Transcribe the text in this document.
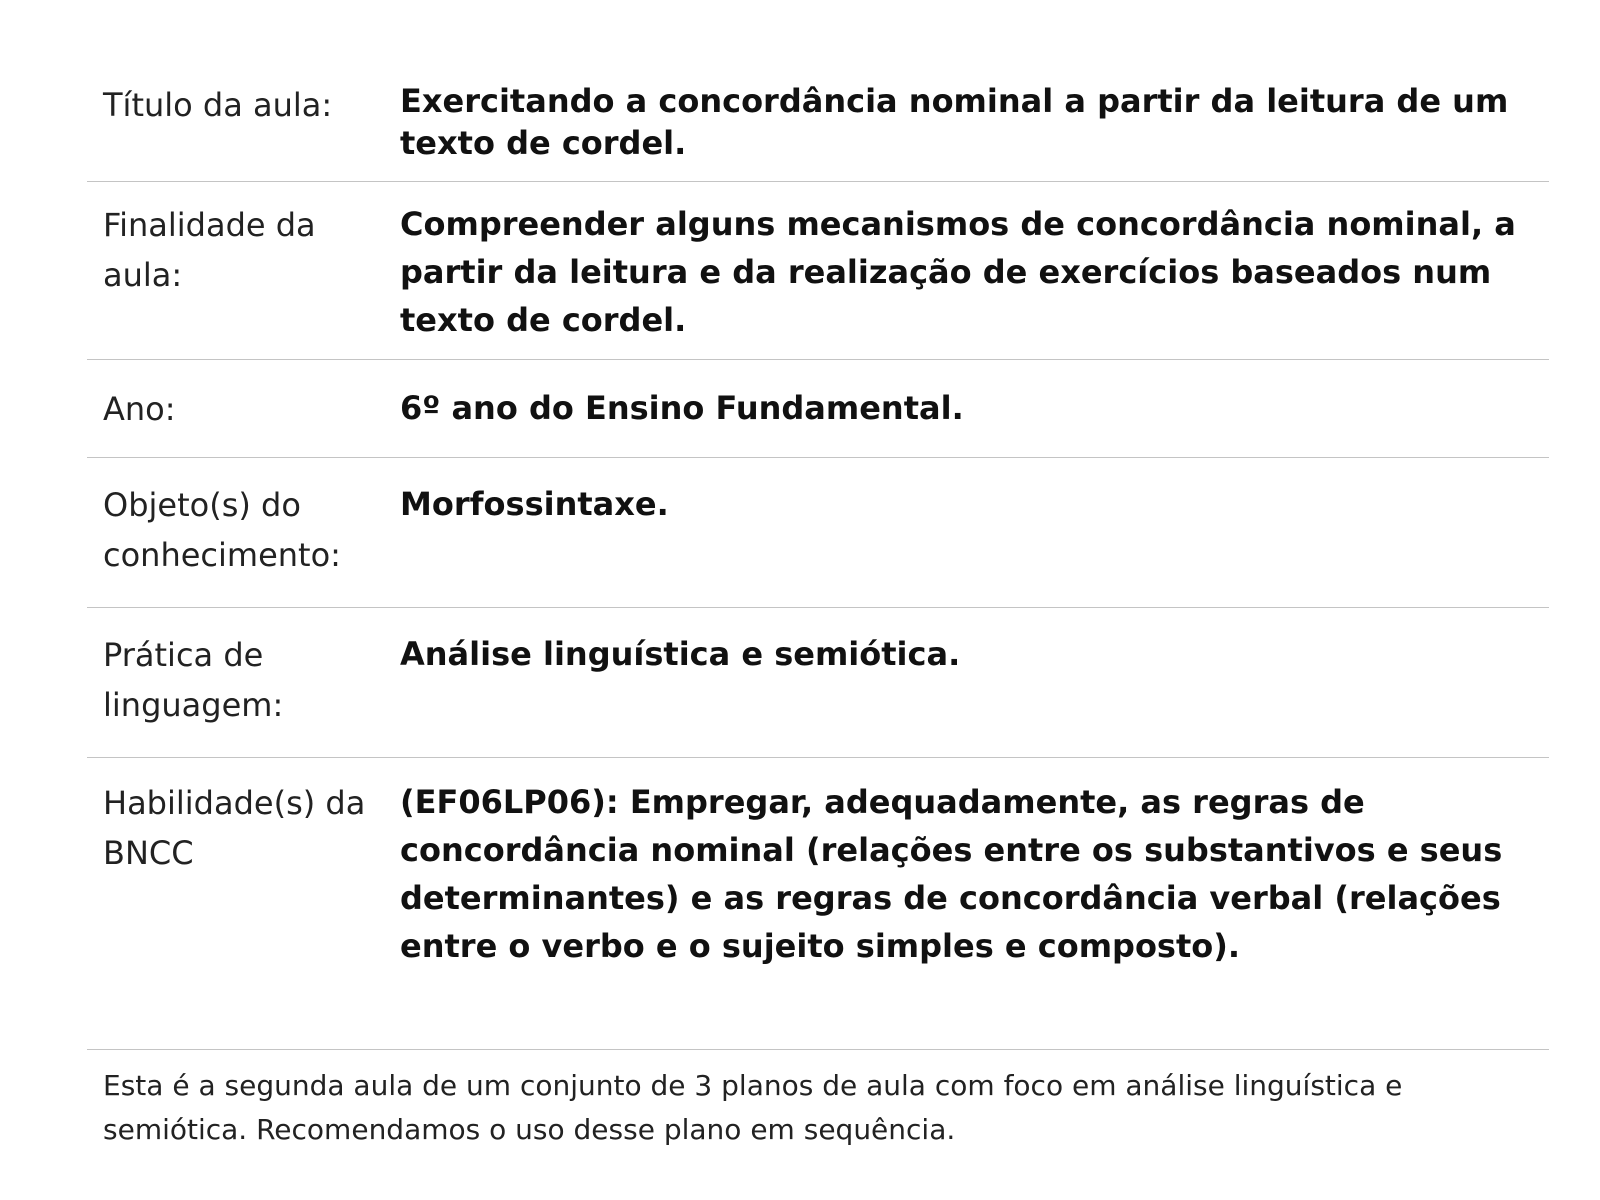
Título da aula:	Exercitando a concordância nominal a partir da leitura de um texto de cordel.
Finalidade da aula:
Compreender alguns mecanismos de concordância nominal, a partir da leitura e da realização de exercícios baseados num texto de cordel.
Ano:	6º ano do Ensino Fundamental.
Objeto(s) do conhecimento:
Morfossintaxe.
Prática de linguagem:
Análise linguística e semiótica.
Habilidade(s) da BNCC
(EF06LP06): Empregar, adequadamente, as regras de concordância nominal (relações entre os substantivos e seus determinantes) e as regras de concordância verbal (relações entre o verbo e o sujeito simples e composto).
Esta é a segunda aula de um conjunto de 3 planos de aula com foco em análise linguística e semiótica. Recomendamos o uso desse plano em sequência.
